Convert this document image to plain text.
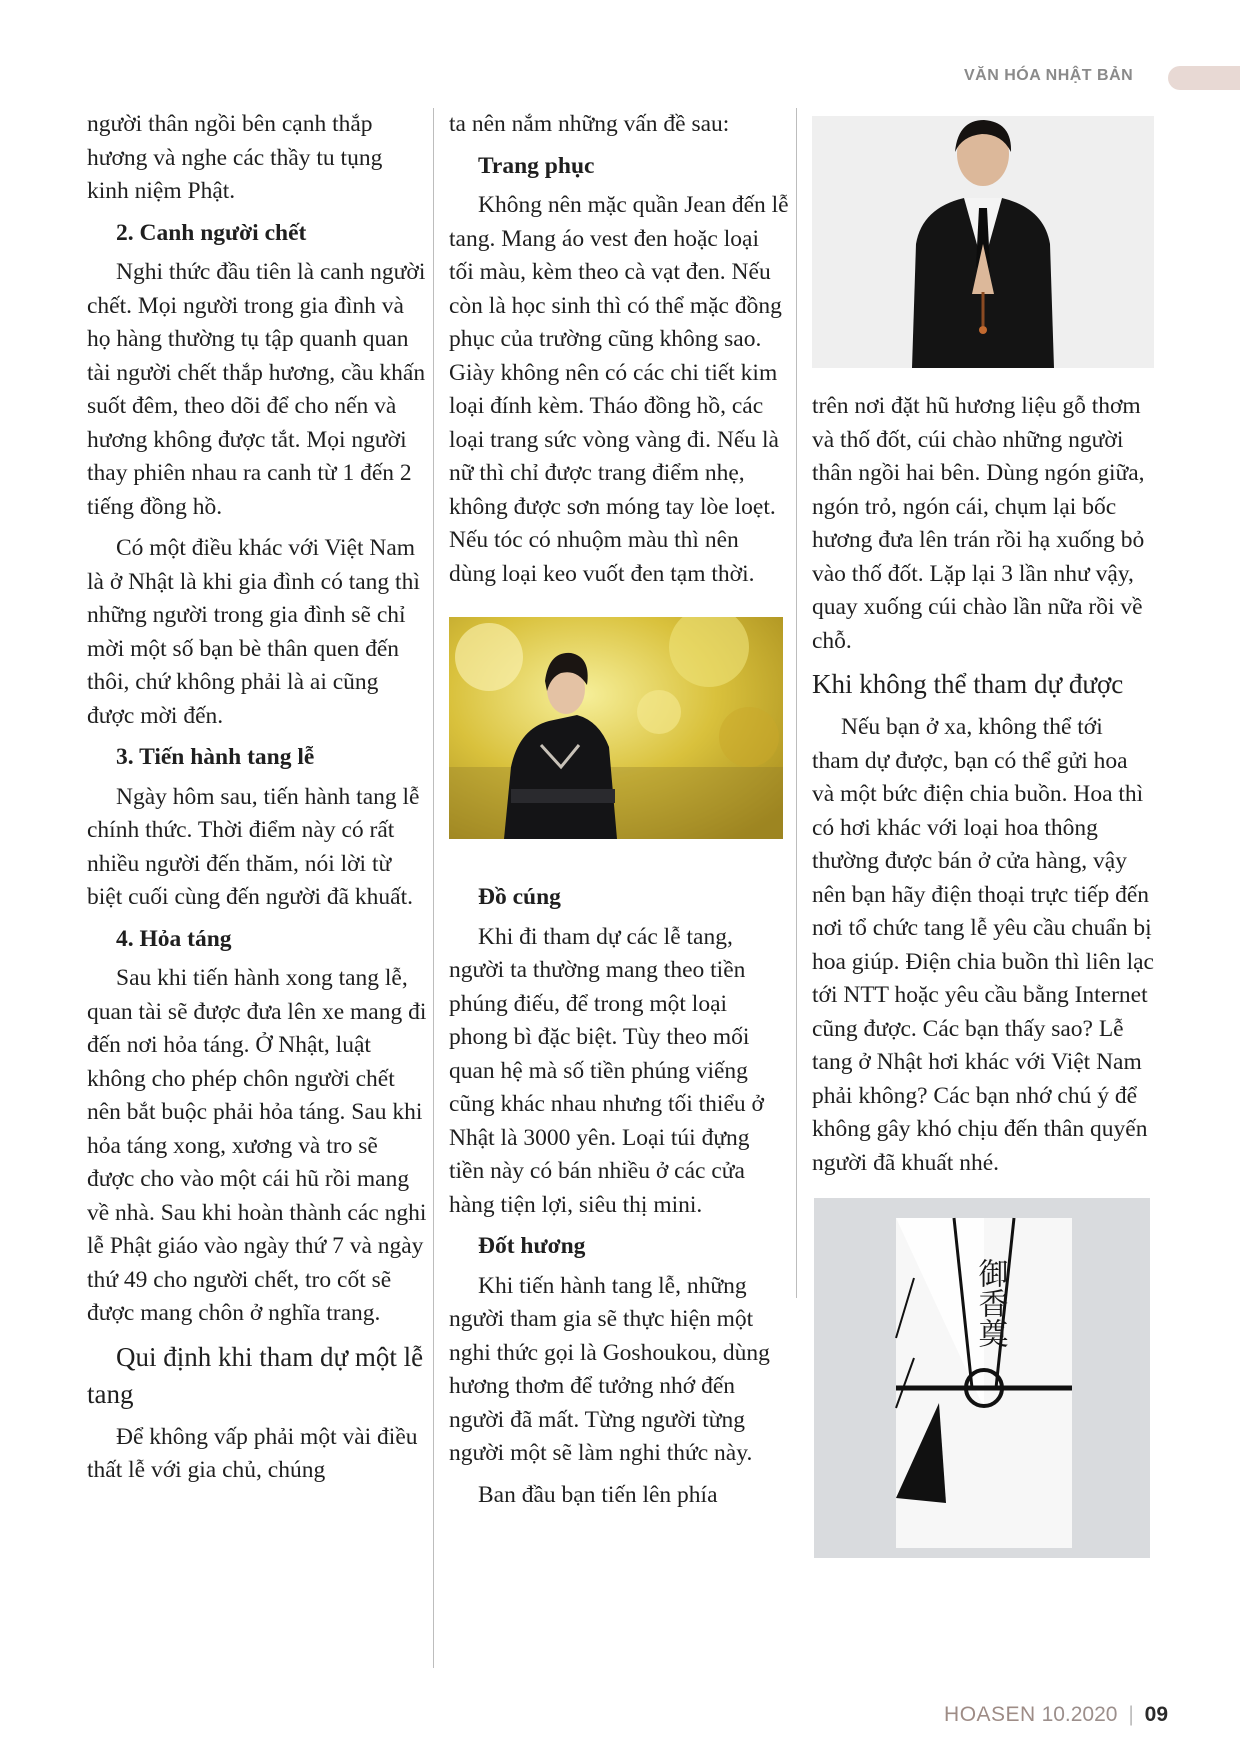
VĂN HÓA NHẬT BẢN

người thân ngồi bên cạnh thắp hương và nghe các thầy tu tụng kinh niệm Phật.

2. Canh người chết

Nghi thức đầu tiên là canh người chết. Mọi người trong gia đình và họ hàng thường tụ tập quanh quan tài người chết thắp hương, cầu khấn suốt đêm, theo dõi để cho nến và hương không được tắt. Mọi người thay phiên nhau ra canh từ 1 đến 2 tiếng đồng hồ.

Có một điều khác với Việt Nam là ở Nhật là khi gia đình có tang thì những người trong gia đình sẽ chỉ mời một số bạn bè thân quen đến thôi, chứ không phải là ai cũng được mời đến.

3. Tiến hành tang lễ

Ngày hôm sau, tiến hành tang lễ chính thức. Thời điểm này có rất nhiều người đến thăm, nói lời từ biệt cuối cùng đến người đã khuất.

4. Hỏa táng

Sau khi tiến hành xong tang lễ, quan tài sẽ được đưa lên xe mang đi đến nơi hỏa táng. Ở Nhật, luật không cho phép chôn người chết nên bắt buộc phải hỏa táng. Sau khi hỏa táng xong, xương và tro sẽ được cho vào một cái hũ rồi mang về nhà. Sau khi hoàn thành các nghi lễ Phật giáo vào ngày thứ 7 và ngày thứ 49 cho người chết, tro cốt sẽ được mang chôn ở nghĩa trang.

Qui định khi tham dự một lễ tang

Để không vấp phải một vài điều thất lễ với gia chủ, chúng

ta nên nắm những vấn đề sau:

Trang phục

Không nên mặc quần Jean đến lễ tang. Mang áo vest đen hoặc loại tối màu, kèm theo cà vạt đen. Nếu còn là học sinh thì có thể mặc đồng phục của trường cũng không sao. Giày không nên có các chi tiết kim loại đính kèm. Tháo đồng hồ, các loại trang sức vòng vàng đi. Nếu là nữ thì chỉ được trang điểm nhẹ, không được sơn móng tay lòe loẹt. Nếu tóc có nhuộm màu thì nên dùng loại keo vuốt đen tạm thời.

Đồ cúng

Khi đi tham dự các lễ tang, người ta thường mang theo tiền phúng điếu, để trong một loại phong bì đặc biệt. Tùy theo mối quan hệ mà số tiền phúng viếng cũng khác nhau nhưng tối thiểu ở Nhật là 3000 yên. Loại túi đựng tiền này có bán nhiều ở các cửa hàng tiện lợi, siêu thị mini.

Đốt hương

Khi tiến hành tang lễ, những người tham gia sẽ thực hiện một nghi thức gọi là Goshoukou, dùng hương thơm để tưởng nhớ đến người đã mất. Từng người từng người một sẽ làm nghi thức này.

Ban đầu bạn tiến lên phía

trên nơi đặt hũ hương liệu gỗ thơm và thố đốt, cúi chào những người thân ngồi hai bên. Dùng ngón giữa, ngón trỏ, ngón cái, chụm lại bốc hương đưa lên trán rồi hạ xuống bỏ vào thố đốt. Lặp lại 3 lần như vậy, quay xuống cúi chào lần nữa rồi về chỗ.

Khi không thể tham dự được

Nếu bạn ở xa, không thể tới tham dự được, bạn có thể gửi hoa và một bức điện chia buồn. Hoa thì có hơi khác với loại hoa thông thường được bán ở cửa hàng, vậy nên bạn hãy điện thoại trực tiếp đến nơi tổ chức tang lễ yêu cầu chuẩn bị hoa giúp. Điện chia buồn thì liên lạc tới NTT hoặc yêu cầu bằng Internet cũng được. Các bạn thấy sao? Lễ tang ở Nhật hơi khác với Việt Nam phải không? Các bạn nhớ chú ý để không gây khó chịu đến thân quyến người đã khuất nhé.

御香奠
HOASEN 10.2020 | 09
